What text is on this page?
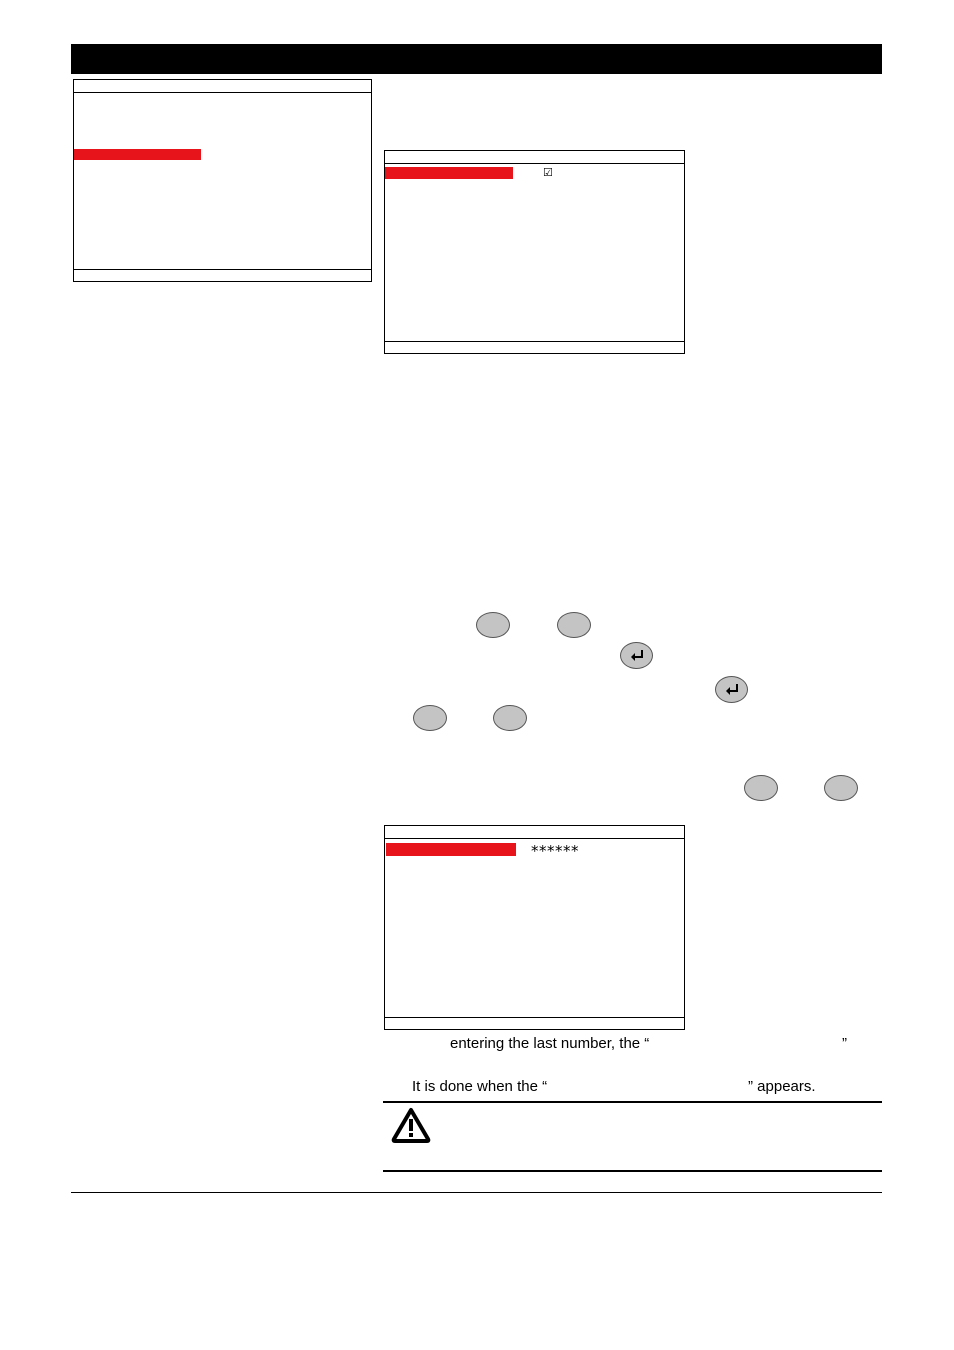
☑
******
entering the last number, the “	”
It is done when the “	” appears.
